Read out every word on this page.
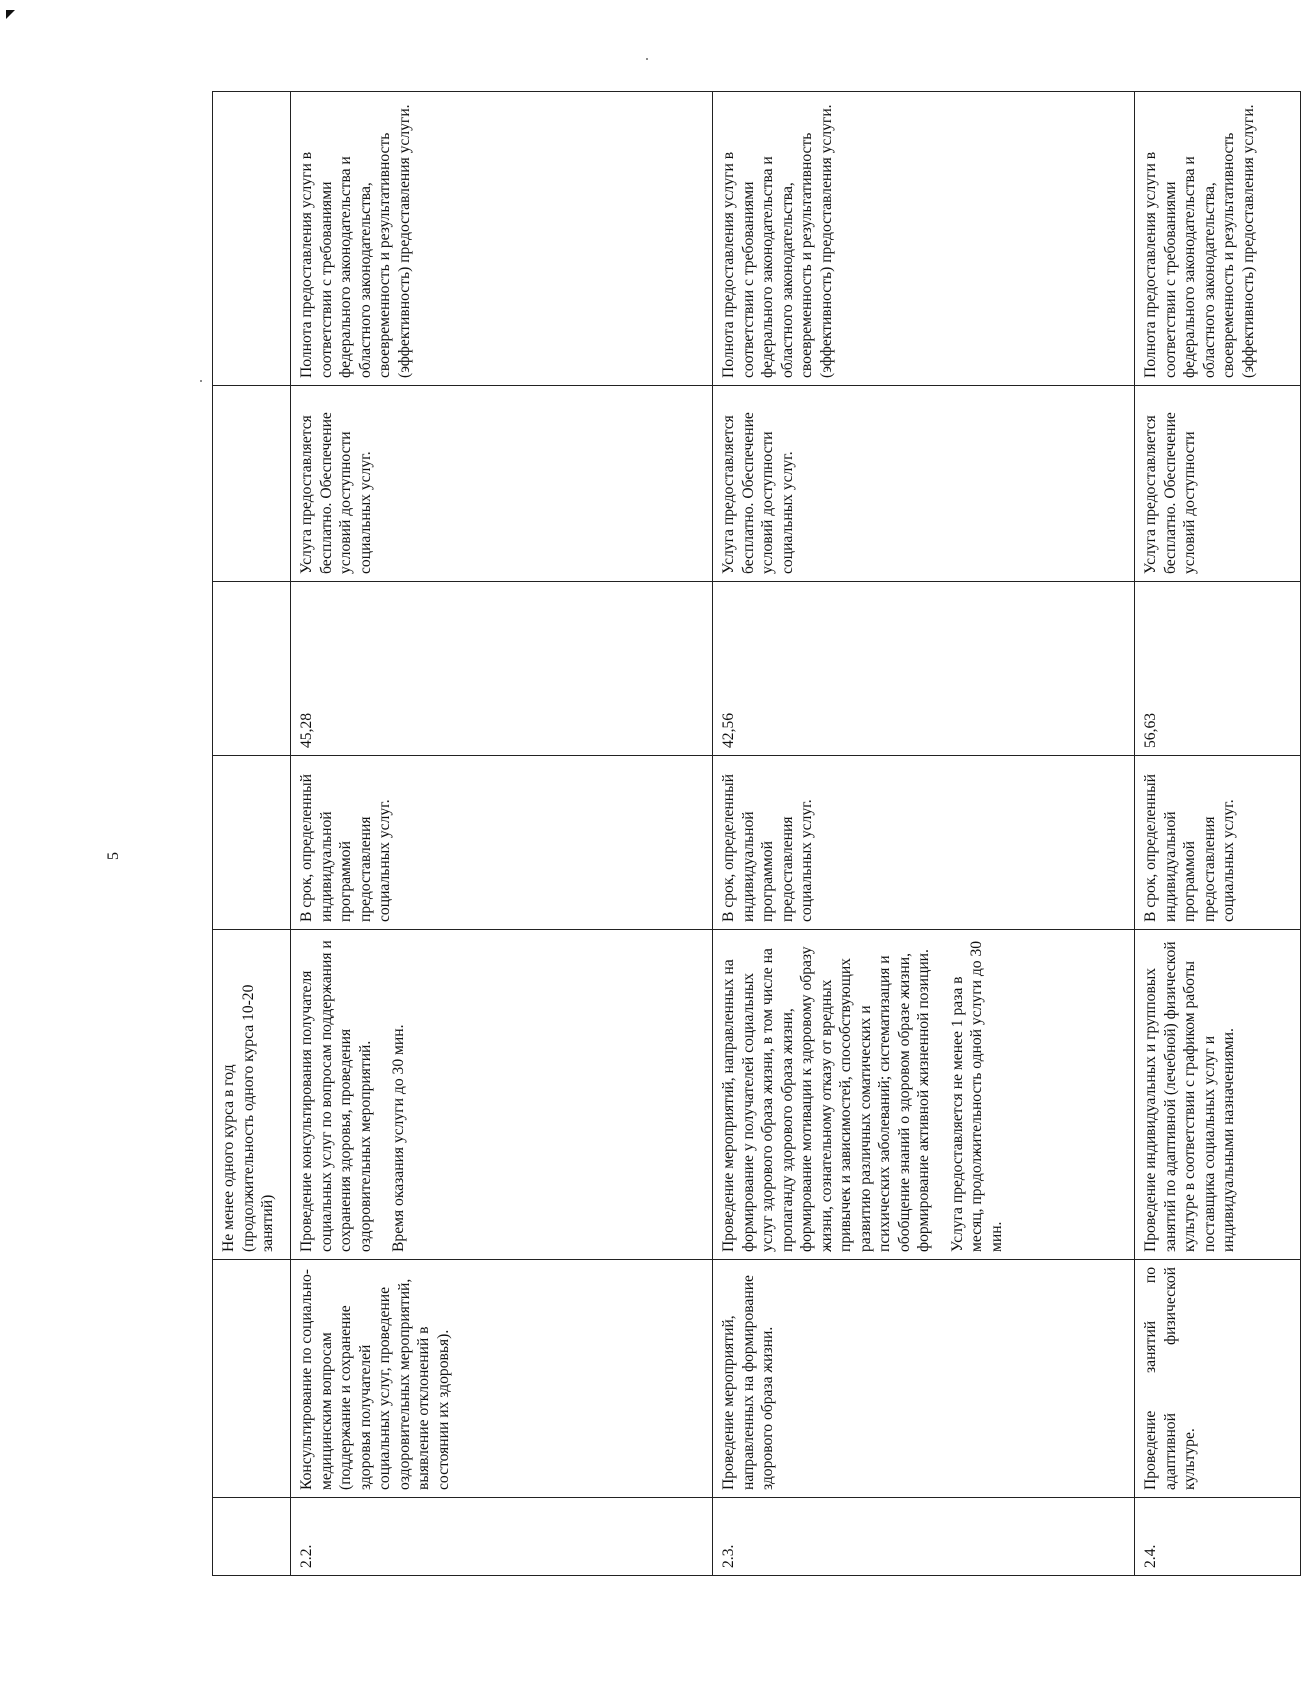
5
		Не менее одного курса в год (продолжительность одного курса 10-20 занятий)				
2.2.	Консультирование по социально-медицинским вопросам (поддержание и сохранение здоровья получателей социальных услуг, проведение оздоровительных мероприятий, выявление отклонений в состоянии их здоровья).	Проведение консультирования получателя социальных услуг по вопросам поддержания и сохранения здоровья, проведения оздоровительных мероприятий. Время оказания услуги до 30 мин.	В срок, определенный индивидуальной программой предоставления социальных услуг.	45,28	Услуга предоставляется бесплатно. Обеспечение условий доступности социальных услуг.	Полнота предоставления услуги в соответствии с требованиями федерального законодательства и областного законодательства, своевременность и результативность (эффективность) предоставления услуги.
2.3.	Проведение мероприятий, направленных на формирование здорового образа жизни.	Проведение мероприятий, направленных на формирование у получателей социальных услуг здорового образа жизни, в том числе на пропаганду здорового образа жизни, формирование мотивации к здоровому образу жизни, сознательному отказу от вредных привычек и зависимостей, способствующих развитию различных соматических и психических заболеваний; систематизация и обобщение знаний о здоровом образе жизни, формирование активной жизненной позиции. Услуга предоставляется не менее 1 раза в месяц, продолжительность одной услуги до 30 мин.	В срок, определенный индивидуальной программой предоставления социальных услуг.	42,56	Услуга предоставляется бесплатно. Обеспечение условий доступности социальных услуг.	Полнота предоставления услуги в соответствии с требованиями федерального законодательства и областного законодательства, своевременность и результативность (эффективность) предоставления услуги.
2.4.	Проведение занятий по адаптивной физической культуре.	Проведение индивидуальных и групповых занятий по адаптивной (лечебной) физической культуре в соответствии с графиком работы поставщика социальных услуг и индивидуальными назначениями.	В срок, определенный индивидуальной программой предоставления социальных услуг.	56,63	Услуга предоставляется бесплатно. Обеспечение условий доступности	Полнота предоставления услуги в соответствии с требованиями федерального законодательства и областного законодательства, своевременность и результативность (эффективность) предоставления услуги.
